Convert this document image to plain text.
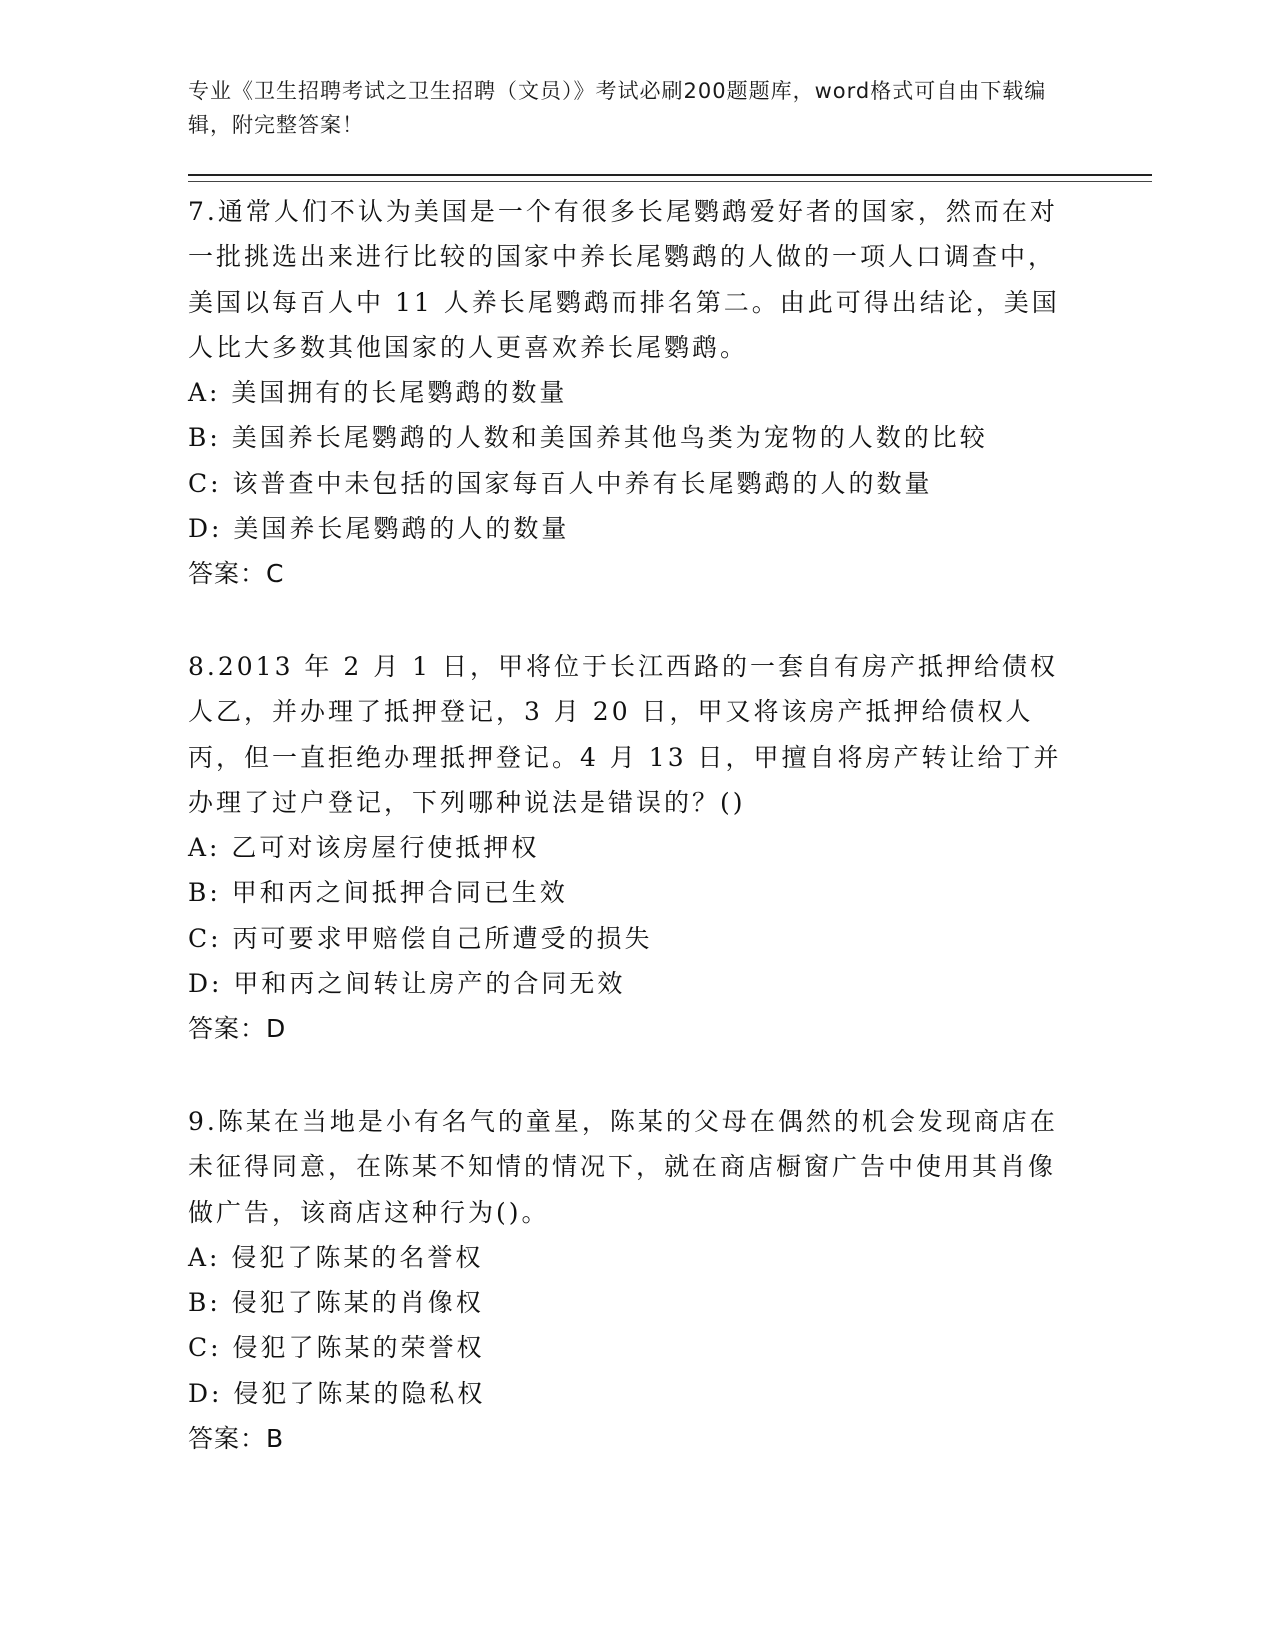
专业《卫生招聘考试之卫生招聘（文员）》考试必刷200题题库，word格式可自由下载编辑，附完整答案！

7.通常人们不认为美国是一个有很多长尾鹦鹉爱好者的国家，然而在对一批挑选出来进行比较的国家中养长尾鹦鹉的人做的一项人口调查中，美国以每百人中 11 人养长尾鹦鹉而排名第二。由此可得出结论，美国人比大多数其他国家的人更喜欢养长尾鹦鹉。

A: 美国拥有的长尾鹦鹉的数量

B: 美国养长尾鹦鹉的人数和美国养其他鸟类为宠物的人数的比较

C: 该普查中未包括的国家每百人中养有长尾鹦鹉的人的数量

D: 美国养长尾鹦鹉的人的数量

答案：C

8.2013 年 2 月 1 日，甲将位于长江西路的一套自有房产抵押给债权人乙，并办理了抵押登记，3 月 20 日，甲又将该房产抵押给债权人丙，但一直拒绝办理抵押登记。4 月 13 日，甲擅自将房产转让给丁并办理了过户登记，下列哪种说法是错误的？()

A: 乙可对该房屋行使抵押权

B: 甲和丙之间抵押合同已生效

C: 丙可要求甲赔偿自己所遭受的损失

D: 甲和丙之间转让房产的合同无效

答案：D

9.陈某在当地是小有名气的童星，陈某的父母在偶然的机会发现商店在未征得同意，在陈某不知情的情况下，就在商店橱窗广告中使用其肖像做广告，该商店这种行为()。

A: 侵犯了陈某的名誉权

B: 侵犯了陈某的肖像权

C: 侵犯了陈某的荣誉权

D: 侵犯了陈某的隐私权

答案：B
